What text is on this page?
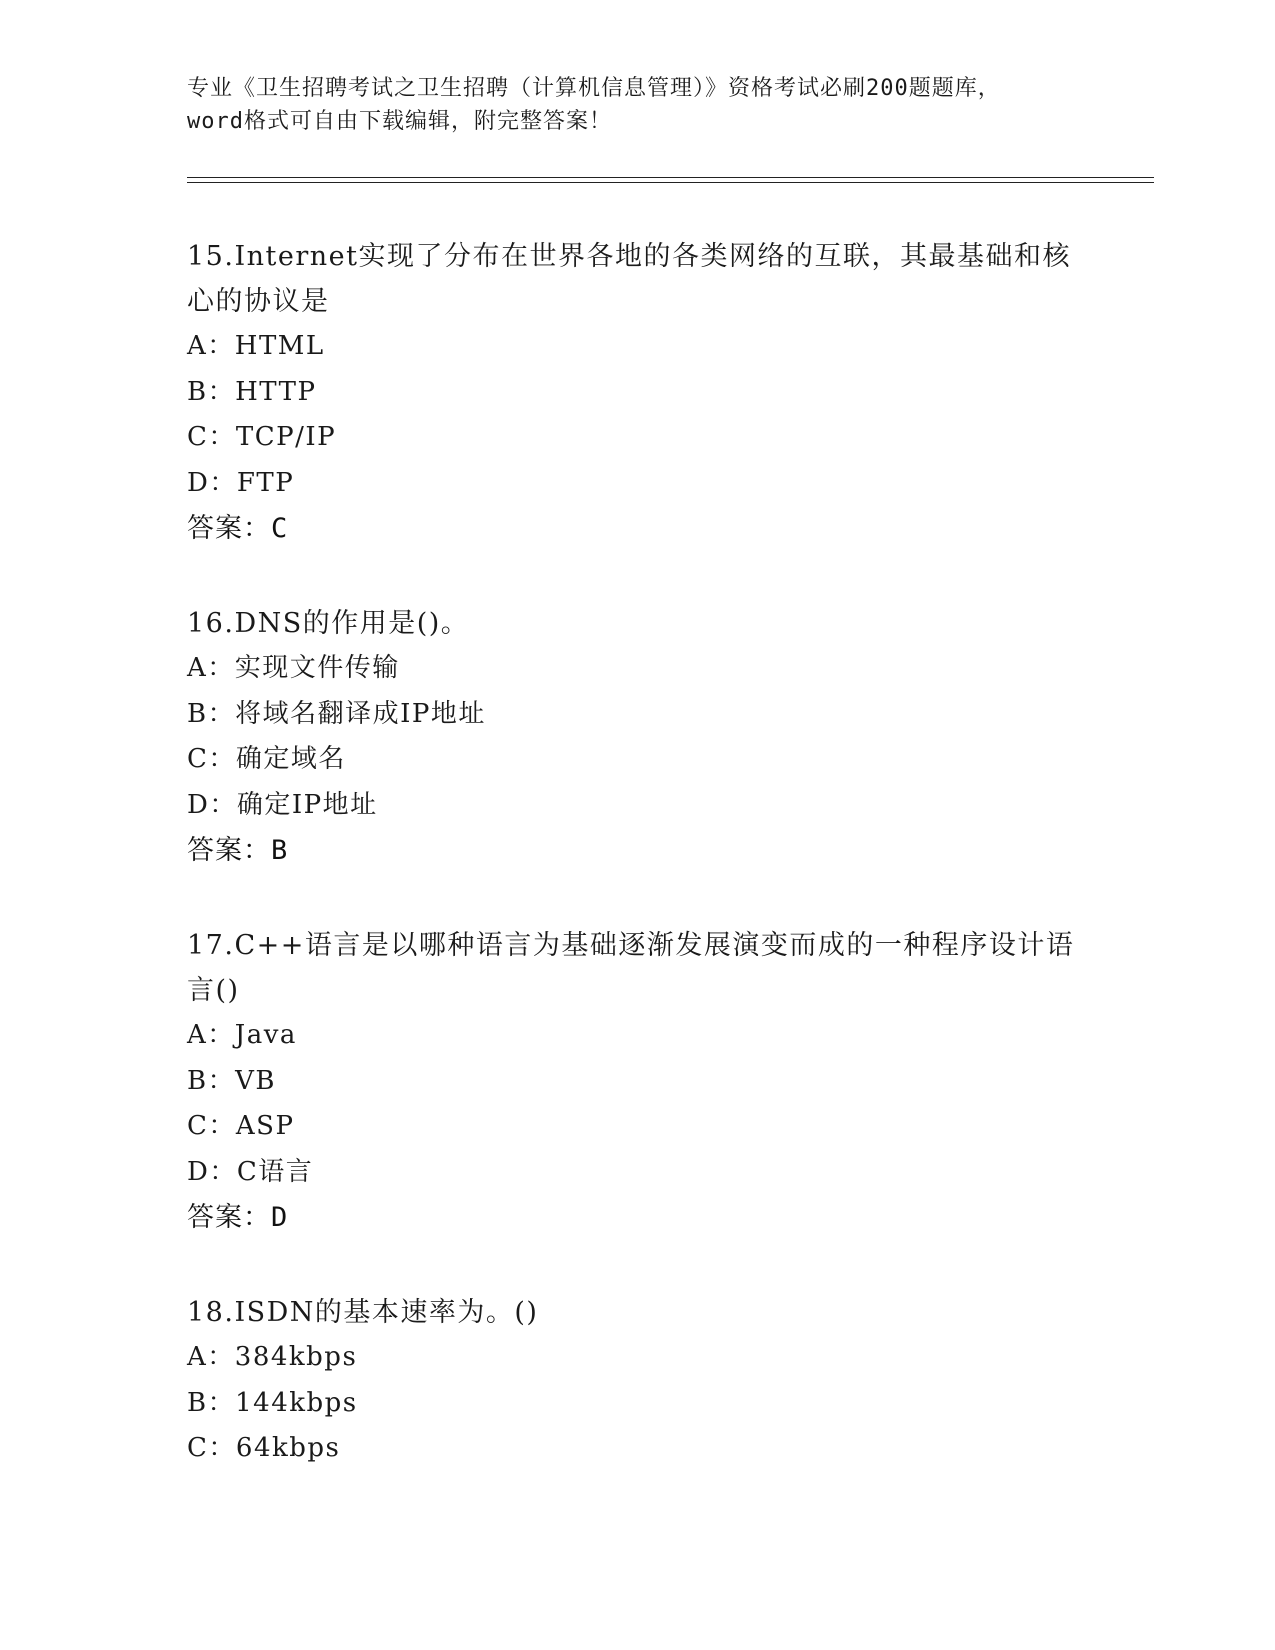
专业《卫生招聘考试之卫生招聘（计算机信息管理）》资格考试必刷200题题库，
word格式可自由下载编辑，附完整答案！
15.Internet实现了分布在世界各地的各类网络的互联，其最基础和核
心的协议是
A： HTML
B： HTTP
C： TCP/IP
D： FTP
答案：C
16.DNS的作用是()。
A： 实现文件传输
B： 将域名翻译成IP地址
C： 确定域名
D： 确定IP地址
答案：B
17.C++语言是以哪种语言为基础逐渐发展演变而成的一种程序设计语
言()
A： Java
B： VB
C： ASP
D： C语言
答案：D
18.ISDN的基本速率为。()
A： 384kbps
B： 144kbps
C： 64kbps
